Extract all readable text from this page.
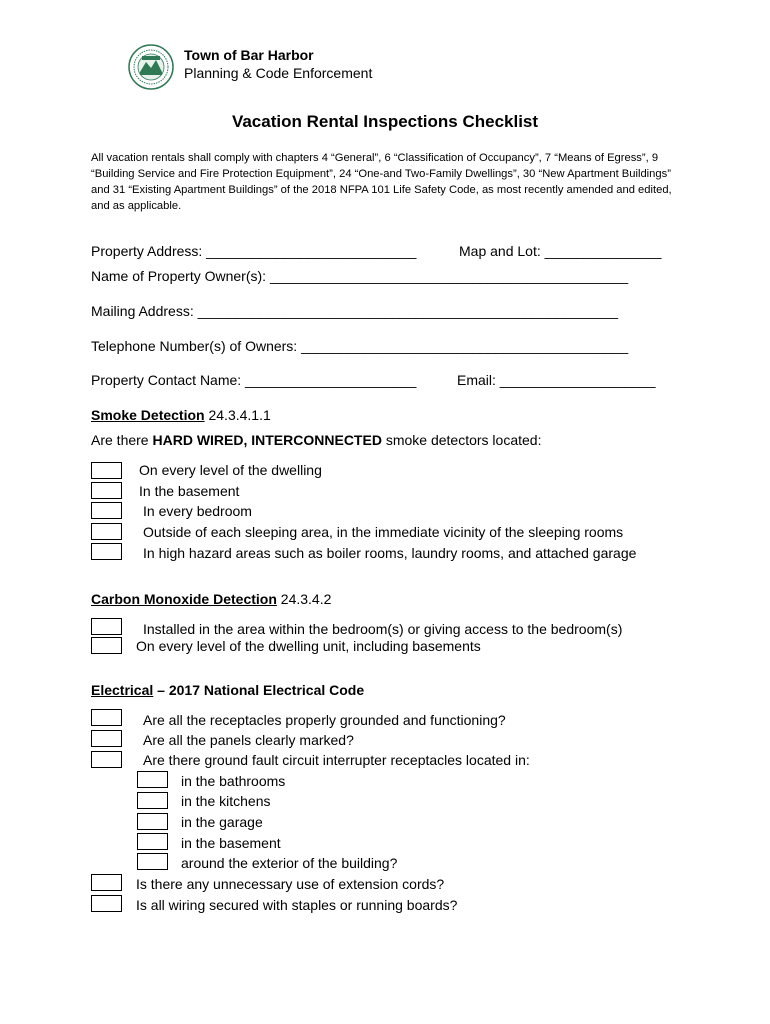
Town of Bar Harbor
Planning & Code Enforcement
Vacation Rental Inspections Checklist
All vacation rentals shall comply with chapters 4 “General”, 6 “Classification of Occupancy”, 7 “Means of Egress”, 9 “Building Service and Fire Protection Equipment”, 24 “One-and Two-Family Dwellings”, 30 “New Apartment Buildings” and 31 “Existing Apartment Buildings” of the 2018 NFPA 101 Life Safety Code, as most recently amended and edited, and as applicable.
Property Address: ___________________________	Map and Lot: _______________
Name of Property Owner(s): ______________________________________________
Mailing Address: ______________________________________________________
Telephone Number(s) of Owners: __________________________________________
Property Contact Name: ______________________	Email: ____________________
Smoke Detection 24.3.4.1.1
Are there HARD WIRED, INTERCONNECTED smoke detectors located:
On every level of the dwelling
In the basement
In every bedroom
Outside of each sleeping area, in the immediate vicinity of the sleeping rooms
In high hazard areas such as boiler rooms, laundry rooms, and attached garage
Carbon Monoxide Detection 24.3.4.2
Installed in the area within the bedroom(s) or giving access to the bedroom(s)
On every level of the dwelling unit, including basements
Electrical – 2017 National Electrical Code
Are all the receptacles properly grounded and functioning?
Are all the panels clearly marked?
Are there ground fault circuit interrupter receptacles located in:
in the bathrooms
in the kitchens
in the garage
in the basement
around the exterior of the building?
Is there any unnecessary use of extension cords?
Is all wiring secured with staples or running boards?
